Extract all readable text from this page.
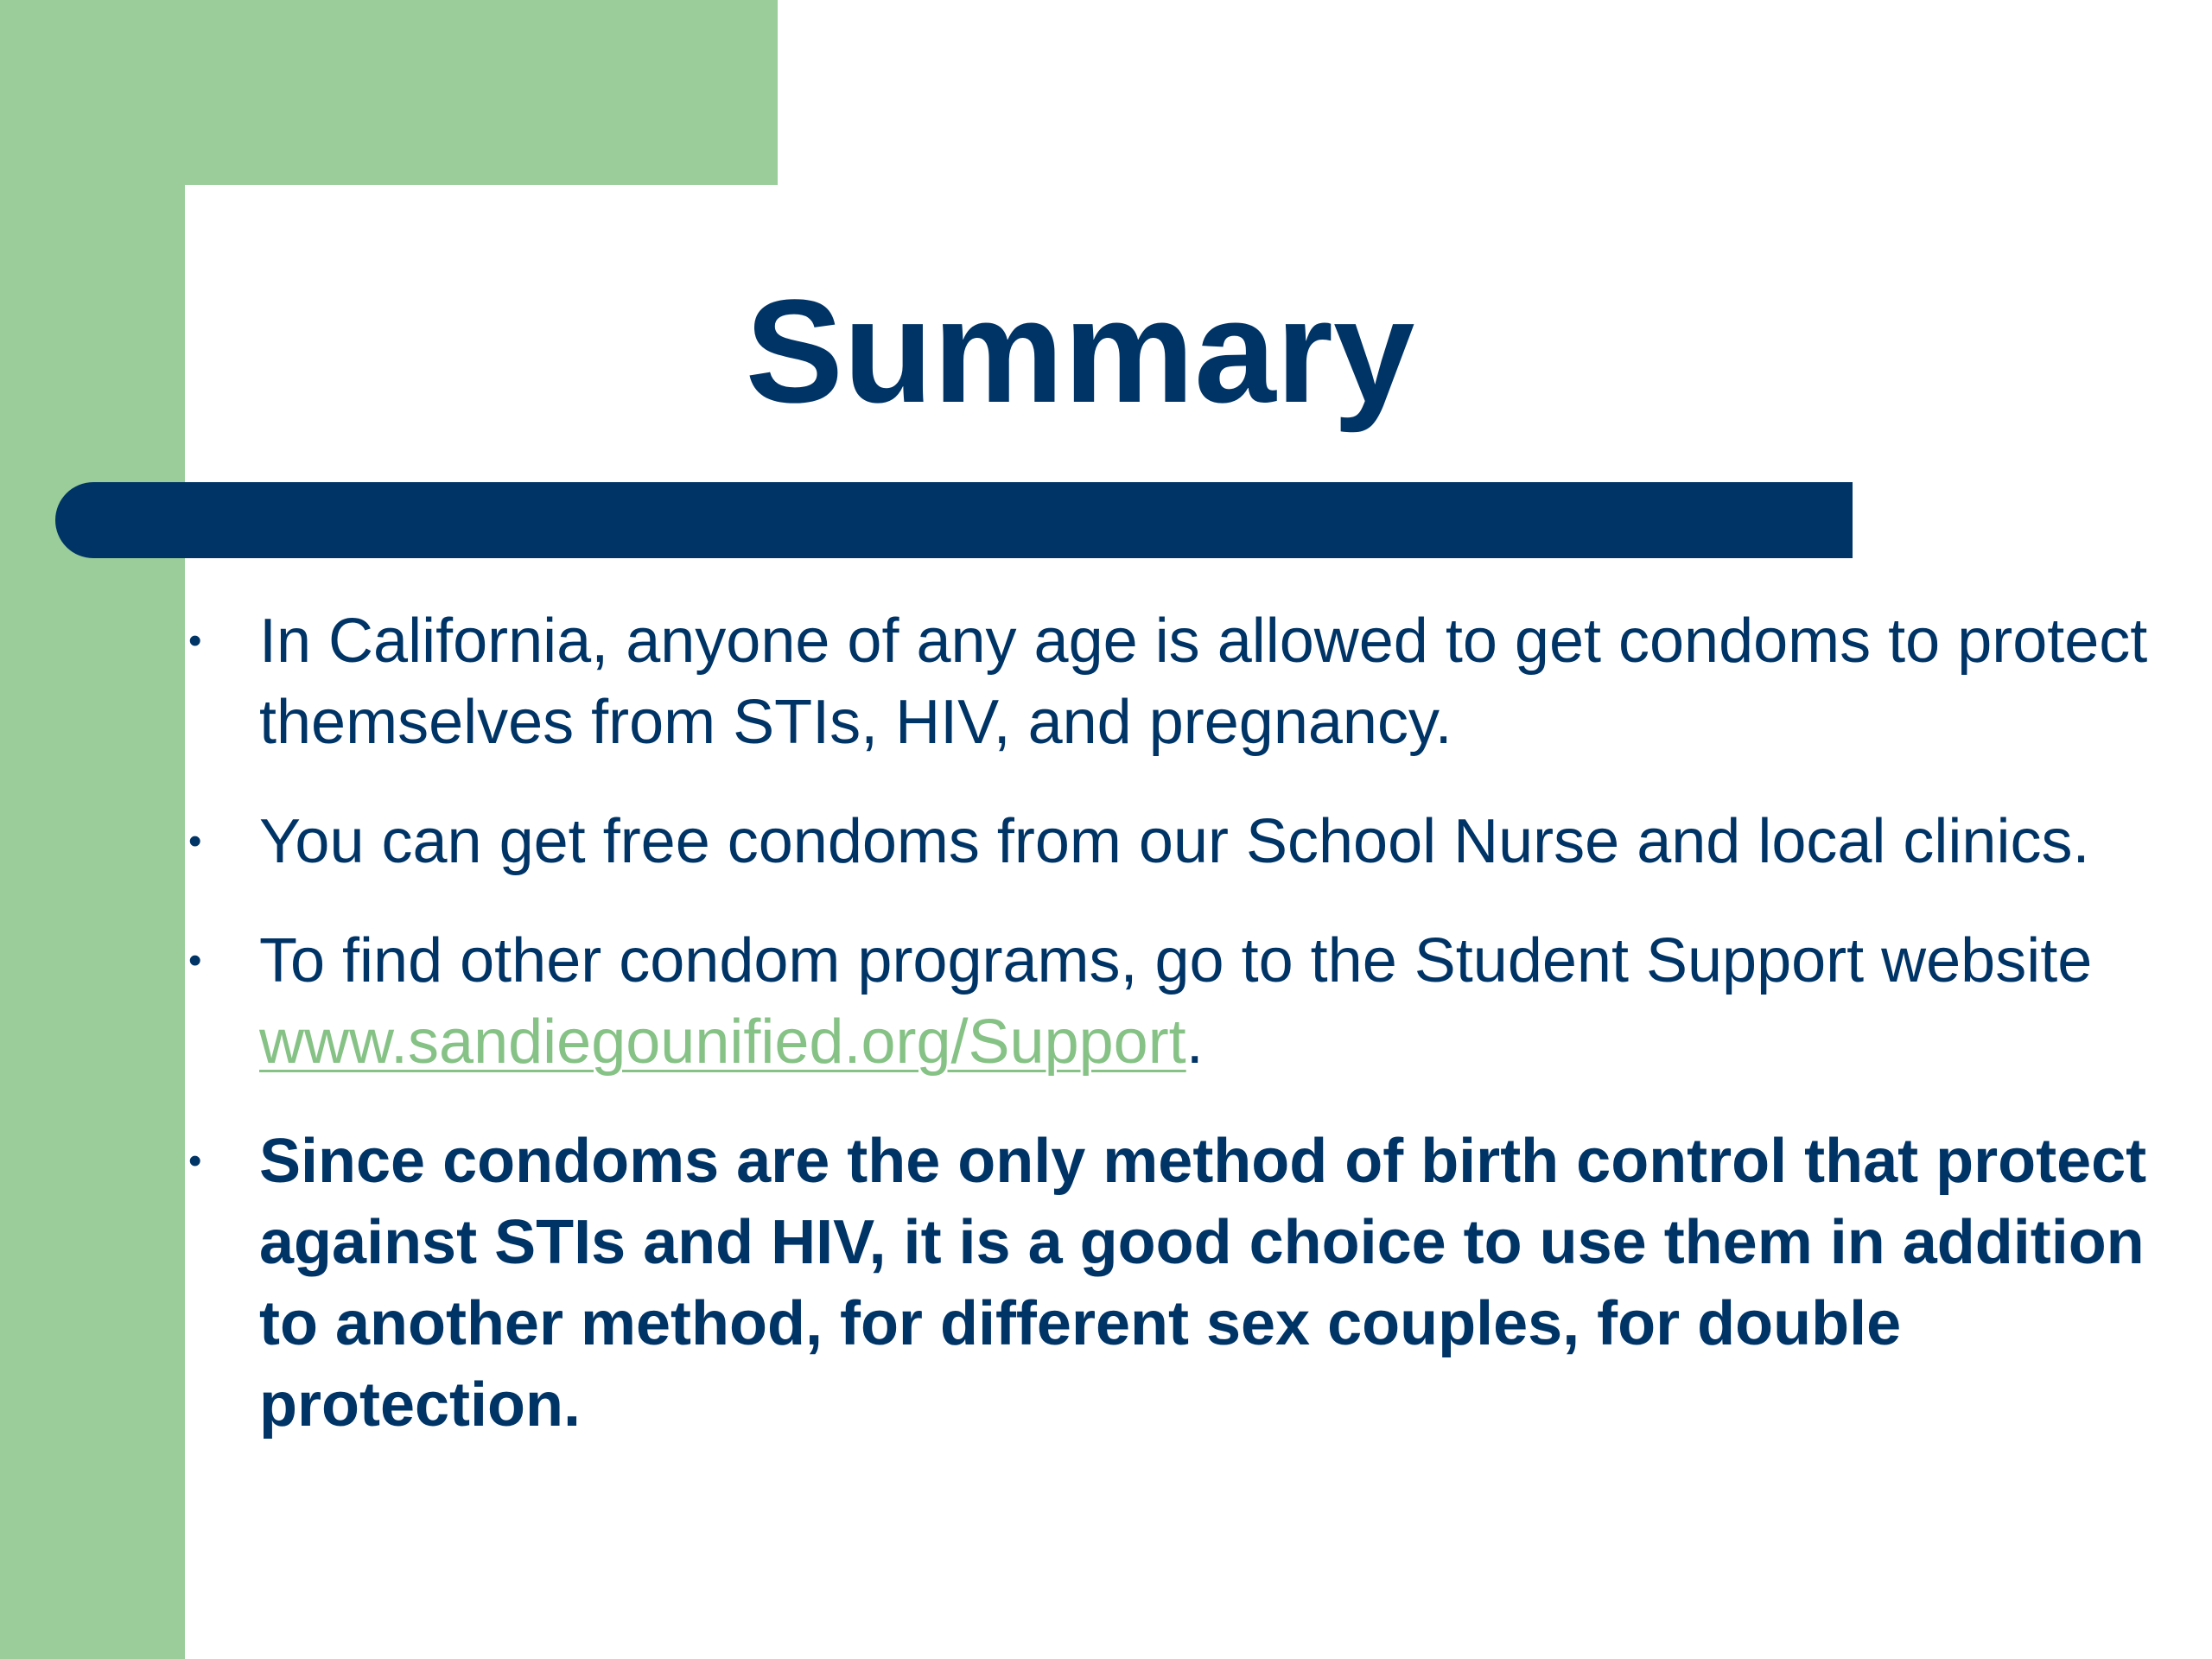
Summary
• In California, anyone of any age is allowed to get condoms to protect themselves from STIs, HIV, and pregnancy.
• You can get free condoms from our School Nurse and local clinics.
• To find other condom programs, go to the Student Support website www.sandiegounified.org/Support.
• Since condoms are the only method of birth control that protect against STIs and HIV, it is a good choice to use them in addition to another method, for different sex couples, for double protection.
